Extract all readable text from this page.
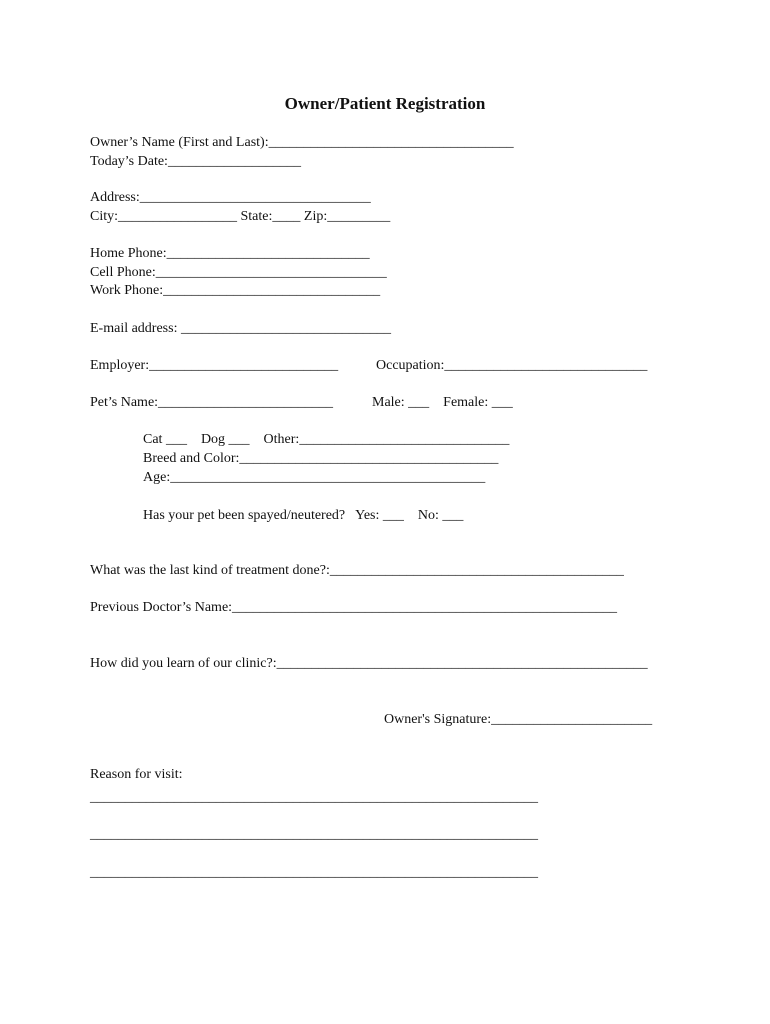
Owner/Patient Registration
Owner’s Name (First and Last):___________________________________
Today’s Date:___________________
Address:_________________________________
City:_________________ State:____ Zip:_________
Home Phone:_____________________________
Cell Phone:_________________________________
Work Phone:_______________________________
E-mail address: ______________________________
Employer:___________________________	Occupation:_____________________________
Pet’s Name:_________________________	Male: ___    Female: ___
Cat ___    Dog ___    Other:______________________________
Breed and Color:_____________________________________
Age:_____________________________________________
Has your pet been spayed/neutered?   Yes: ___    No: ___
What was the last kind of treatment done?:__________________________________________
Previous Doctor’s Name:_______________________________________________________
How did you learn of our clinic?:_____________________________________________________
Owner's Signature:_______________________
Reason for visit:
________________________________________________________________
________________________________________________________________
________________________________________________________________
